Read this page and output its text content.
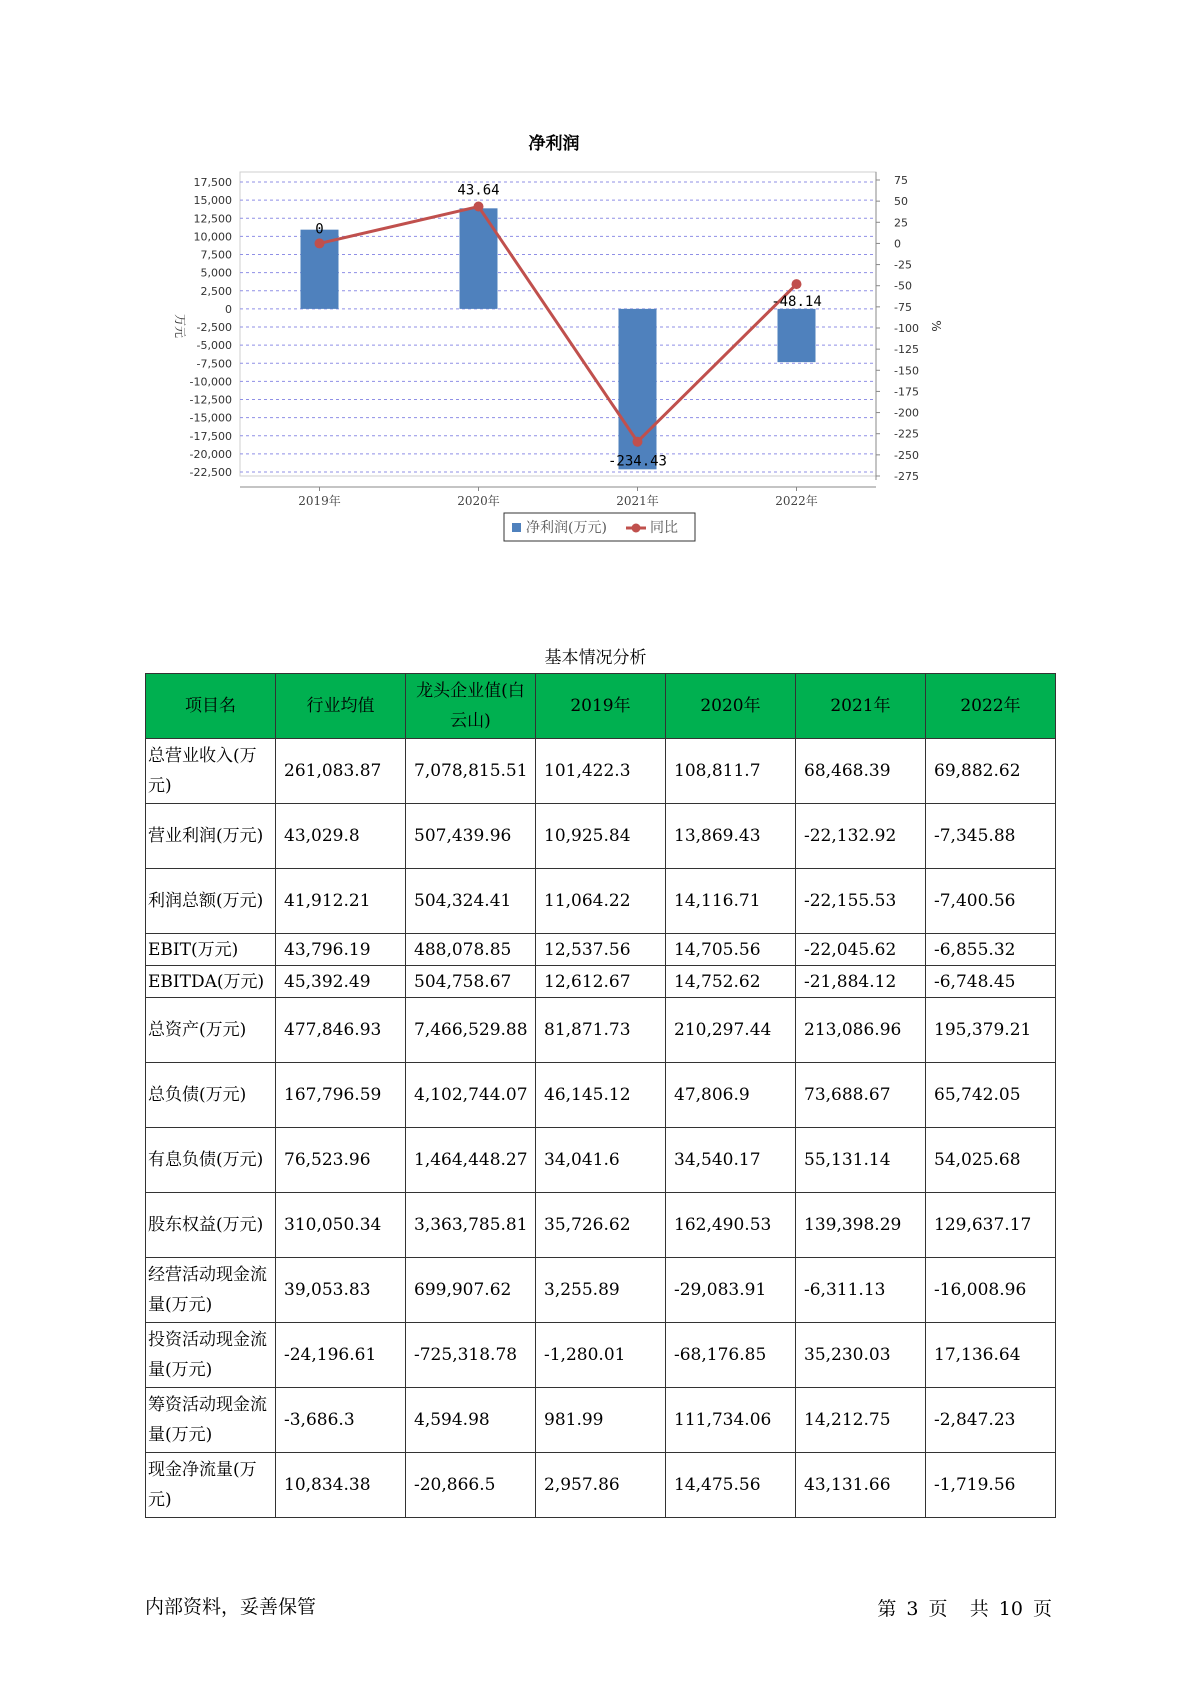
净利润
17,500
15,000
12,500
10,000
7,500
5,000
2,500
0
-2,500
-5,000
-7,500
-10,000
-12,500
-15,000
-17,500
-20,000
-22,500
75
50
25
0
-25
-50
-75
-100
-125
-150
-175
-200
-225
-250
-275
万元	%
2019年	2020年	2021年	2022年
0
43.64
-234.43
-48.14
净利润(万元)	同比
基本情况分析
项目名	行业均值	龙头企业值(白云山)	2019年	2020年	2021年	2022年
总营业收入(万元)	261,083.87	7,078,815.51	101,422.3	108,811.7	68,468.39	69,882.62
营业利润(万元)	43,029.8	507,439.96	10,925.84	13,869.43	-22,132.92	-7,345.88
利润总额(万元)	41,912.21	504,324.41	11,064.22	14,116.71	-22,155.53	-7,400.56
EBIT(万元)	43,796.19	488,078.85	12,537.56	14,705.56	-22,045.62	-6,855.32
EBITDA(万元)	45,392.49	504,758.67	12,612.67	14,752.62	-21,884.12	-6,748.45
总资产(万元)	477,846.93	7,466,529.88	81,871.73	210,297.44	213,086.96	195,379.21
总负债(万元)	167,796.59	4,102,744.07	46,145.12	47,806.9	73,688.67	65,742.05
有息负债(万元)	76,523.96	1,464,448.27	34,041.6	34,540.17	55,131.14	54,025.68
股东权益(万元)	310,050.34	3,363,785.81	35,726.62	162,490.53	139,398.29	129,637.17
经营活动现金流量(万元)	39,053.83	699,907.62	3,255.89	-29,083.91	-6,311.13	-16,008.96
投资活动现金流量(万元)	-24,196.61	-725,318.78	-1,280.01	-68,176.85	35,230.03	17,136.64
筹资活动现金流量(万元)	-3,686.3	4,594.98	981.99	111,734.06	14,212.75	-2,847.23
现金净流量(万元)	10,834.38	-20,866.5	2,957.86	14,475.56	43,131.66	-1,719.56
内部资料，妥善保管	第 3 页 共 10 页
